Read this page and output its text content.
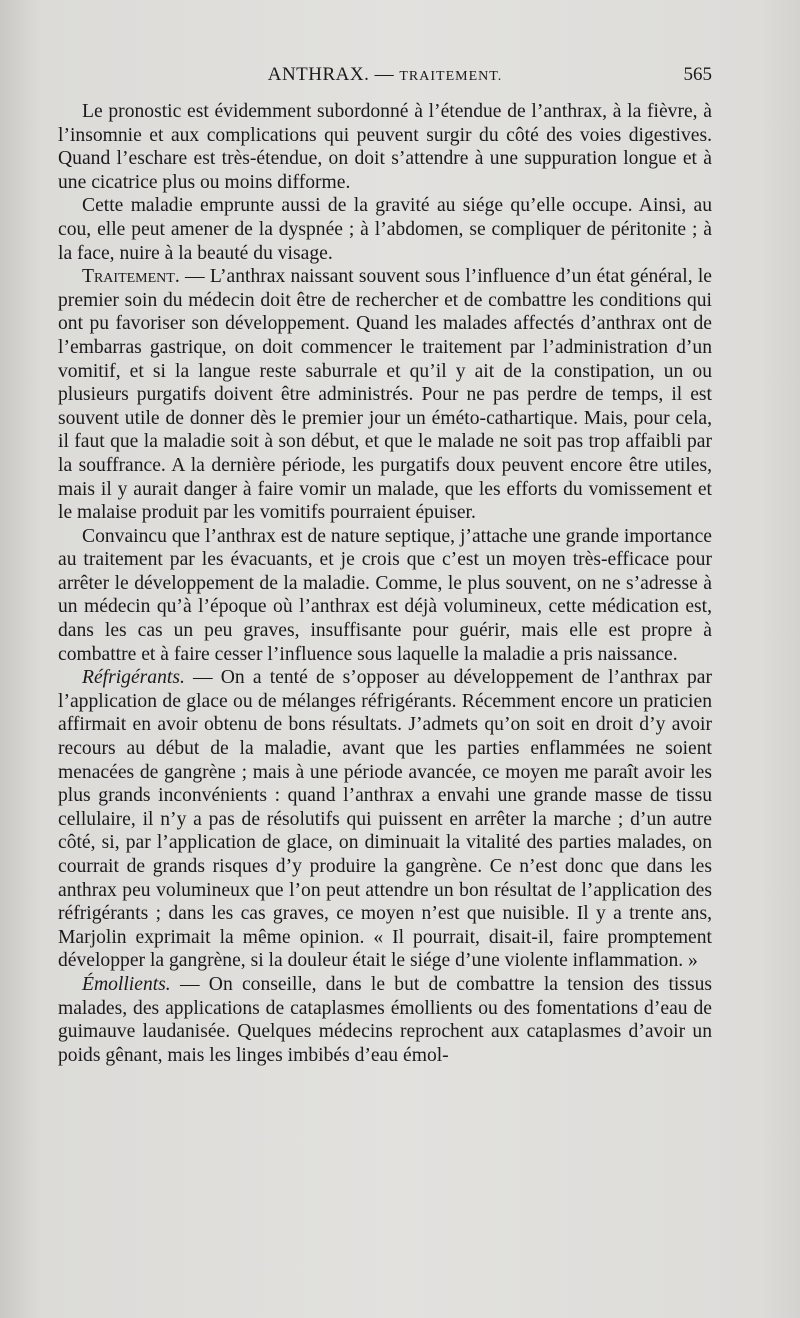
ANTHRAX. — TRAITEMENT.	565

Le pronostic est évidemment subordonné à l’étendue de l’anthrax, à la fièvre, à l’insomnie et aux complications qui peuvent surgir du côté des voies digestives. Quand l’eschare est très-étendue, on doit s’attendre à une suppuration longue et à une cicatrice plus ou moins difforme.

Cette maladie emprunte aussi de la gravité au siége qu’elle occupe. Ainsi, au cou, elle peut amener de la dyspnée ; à l’abdomen, se compliquer de péritonite ; à la face, nuire à la beauté du visage.

Traitement. — L’anthrax naissant souvent sous l’influence d’un état général, le premier soin du médecin doit être de rechercher et de combattre les conditions qui ont pu favoriser son développement. Quand les malades affectés d’anthrax ont de l’embarras gastrique, on doit commencer le traitement par l’administration d’un vomitif, et si la langue reste saburrale et qu’il y ait de la constipation, un ou plusieurs purgatifs doivent être administrés. Pour ne pas perdre de temps, il est souvent utile de donner dès le premier jour un éméto-cathartique. Mais, pour cela, il faut que la maladie soit à son début, et que le malade ne soit pas trop affaibli par la souffrance. A la dernière période, les purgatifs doux peuvent encore être utiles, mais il y aurait danger à faire vomir un malade, que les efforts du vomissement et le malaise produit par les vomitifs pourraient épuiser.

Convaincu que l’anthrax est de nature septique, j’attache une grande importance au traitement par les évacuants, et je crois que c’est un moyen très-efficace pour arrêter le développement de la maladie. Comme, le plus souvent, on ne s’adresse à un médecin qu’à l’époque où l’anthrax est déjà volumineux, cette médication est, dans les cas un peu graves, insuffisante pour guérir, mais elle est propre à combattre et à faire cesser l’influence sous laquelle la maladie a pris naissance.

Réfrigérants. — On a tenté de s’opposer au développement de l’anthrax par l’application de glace ou de mélanges réfrigérants. Récemment encore un praticien affirmait en avoir obtenu de bons résultats. J’admets qu’on soit en droit d’y avoir recours au début de la maladie, avant que les parties enflammées ne soient menacées de gangrène ; mais à une période avancée, ce moyen me paraît avoir les plus grands inconvénients : quand l’anthrax a envahi une grande masse de tissu cellulaire, il n’y a pas de résolutifs qui puissent en arrêter la marche ; d’un autre côté, si, par l’application de glace, on diminuait la vitalité des parties malades, on courrait de grands risques d’y produire la gangrène. Ce n’est donc que dans les anthrax peu volumineux que l’on peut attendre un bon résultat de l’application des réfrigérants ; dans les cas graves, ce moyen n’est que nuisible. Il y a trente ans, Marjolin exprimait la même opinion. « Il pourrait, disait-il, faire promptement développer la gangrène, si la douleur était le siége d’une violente inflammation. »

Émollients. — On conseille, dans le but de combattre la tension des tissus malades, des applications de cataplasmes émollients ou des fomentations d’eau de guimauve laudanisée. Quelques médecins reprochent aux cataplasmes d’avoir un poids gênant, mais les linges imbibés d’eau émol-
